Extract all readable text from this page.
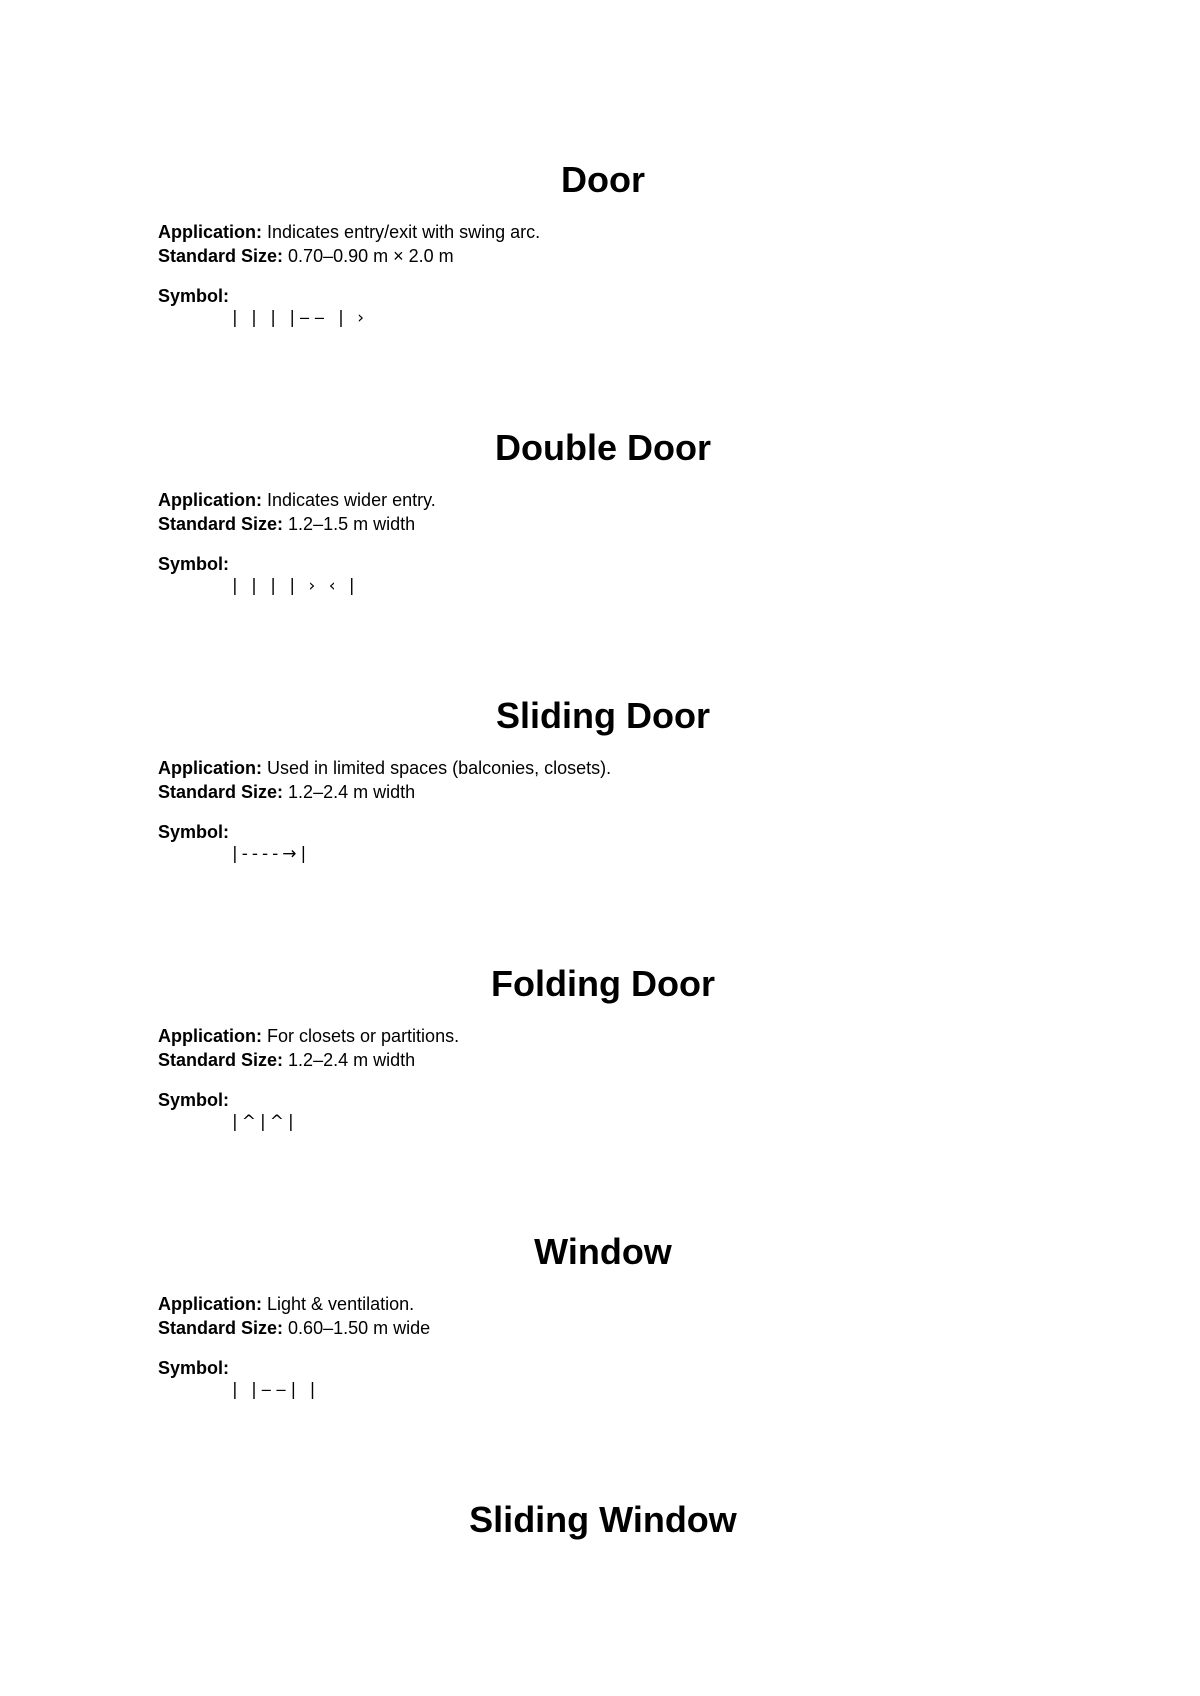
Door
Application: Indicates entry/exit with swing arc.
Standard Size: 0.70–0.90 m × 2.0 m
Symbol:
| | | |‒‒ | ›
Double Door
Application: Indicates wider entry.
Standard Size: 1.2–1.5 m width
Symbol:
| | | | › ‹ |
Sliding Door
Application: Used in limited spaces (balconies, closets).
Standard Size: 1.2–2.4 m width
Symbol:
|----→|
Folding Door
Application: For closets or partitions.
Standard Size: 1.2–2.4 m width
Symbol:
|^|^|
Window
Application: Light & ventilation.
Standard Size: 0.60–1.50 m wide
Symbol:
| |‒‒| |
Sliding Window
